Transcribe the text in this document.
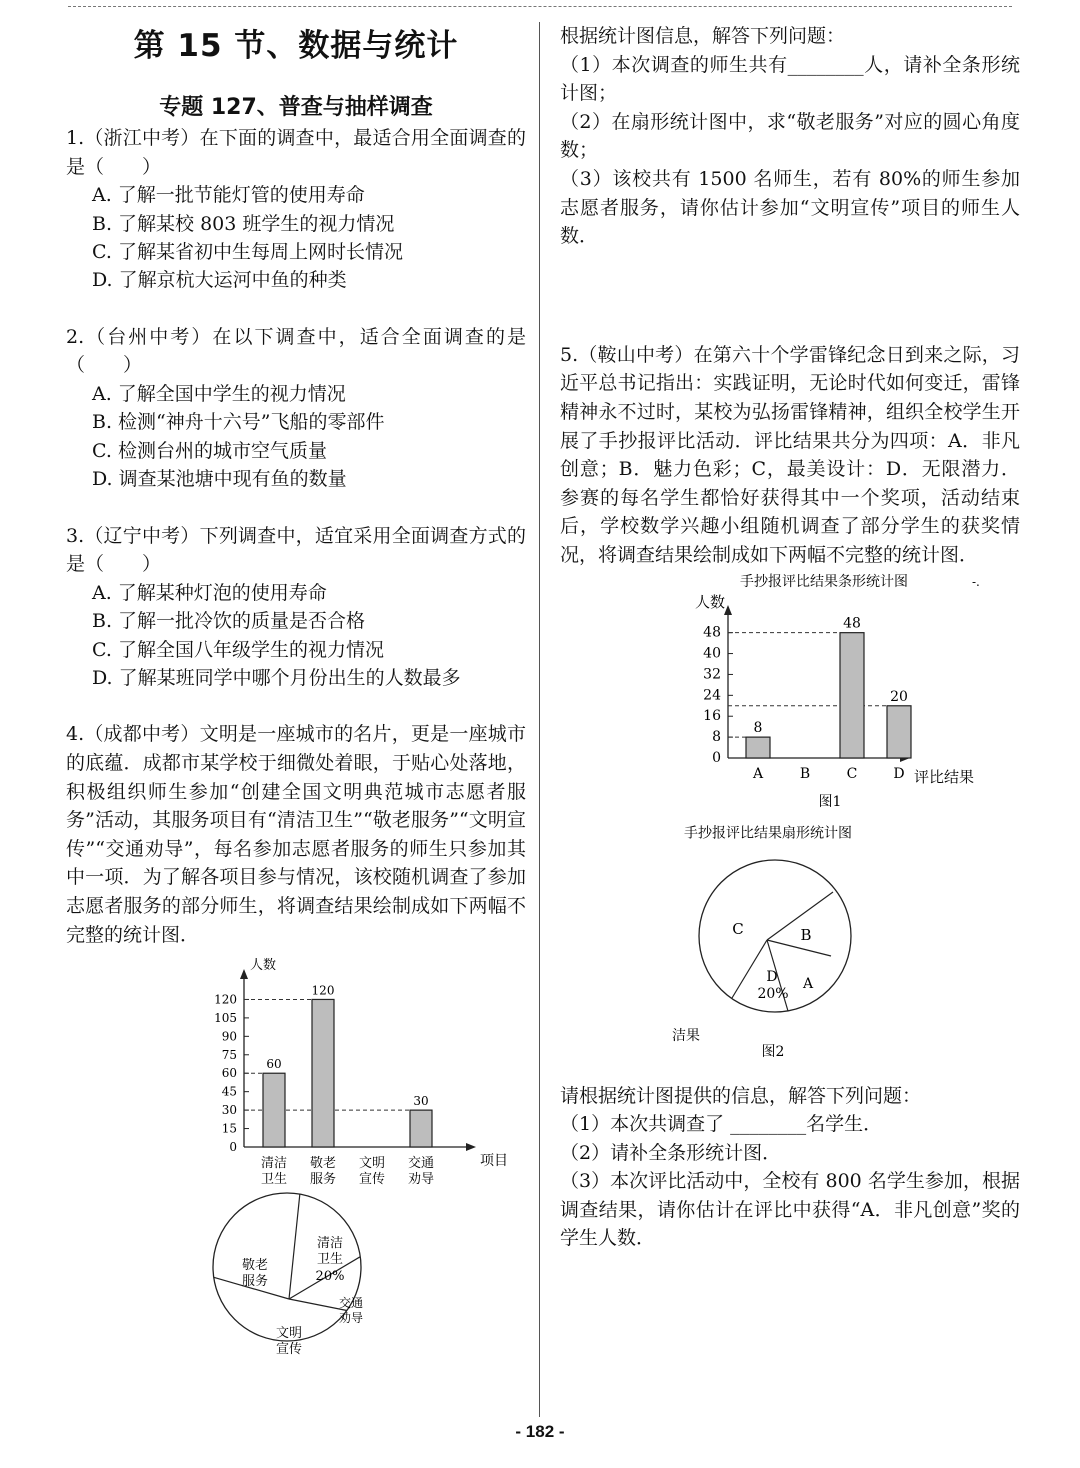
第 15 节、数据与统计
专题 127、普查与抽样调查
1.（浙江中考）在下面的调查中，最适合用全面调查的是（　　）
A. 了解一批节能灯管的使用寿命
B. 了解某校 803 班学生的视力情况
C. 了解某省初中生每周上网时长情况
D. 了解京杭大运河中鱼的种类
2.（台州中考）在以下调查中，适合全面调查的是（　　）
A. 了解全国中学生的视力情况
B. 检测“神舟十六号”飞船的零部件
C. 检测台州的城市空气质量
D. 调查某池塘中现有鱼的数量
3.（辽宁中考）下列调查中，适宜采用全面调查方式的是（　　）
A. 了解某种灯泡的使用寿命
B. 了解一批冷饮的质量是否合格
C. 了解全国八年级学生的视力情况
D. 了解某班同学中哪个月份出生的人数最多
4.（成都中考）文明是一座城市的名片，更是一座城市的底蕴．成都市某学校于细微处着眼，于贴心处落地，积极组织师生参加“创建全国文明典范城市志愿者服务”活动，其服务项目有“清洁卫生”“敬老服务”“文明宣传”“交通劝导”，每名参加志愿者服务的师生只参加其中一项．为了解各项目参与情况，该校随机调查了参加志愿者服务的部分师生，将调查结果绘制成如下两幅不完整的统计图．
人数
项目
0
15
30
45
60
75
90
105
120
60
清洁
卫生
120
敬老
服务
文明
宣传
30
交通
劝导
清洁
卫生
20%
交通
劝导
文明
宣传
敬老
服务
根据统计图信息，解答下列问题：
（1）本次调查的师生共有________人，请补全条形统计图；
（2）在扇形统计图中，求“敬老服务”对应的圆心角度数；
（3）该校共有 1500 名师生，若有 80%的师生参加志愿者服务，请你估计参加“文明宣传”项目的师生人数．
5.（鞍山中考）在第六十个学雷锋纪念日到来之际，习近平总书记指出：实践证明，无论时代如何变迁，雷锋精神永不过时，某校为弘扬雷锋精神，组织全校学生开展了手抄报评比活动．评比结果共分为四项：A．非凡创意；B．魅力色彩；C，最美设计：D．无限潜力．参赛的每名学生都恰好获得其中一个奖项，活动结束后，学校数学兴趣小组随机调查了部分学生的获奖情况，将调查结果绘制成如下两幅不完整的统计图．
手抄报评比结果条形统计图	-.
人数
评比结果
0
8
16
24
32
40
48
8
A	B
48
C
20
D
图1
手抄报评比结果扇形统计图
C	B
A
D
20%
洁果
图2
请根据统计图提供的信息，解答下列问题：
（1）本次共调查了 ________名学生．
（2）请补全条形统计图．
（3）本次评比活动中，全校有 800 名学生参加，根据调查结果，请你估计在评比中获得“A．非凡创意”奖的学生人数．
- 182 -
